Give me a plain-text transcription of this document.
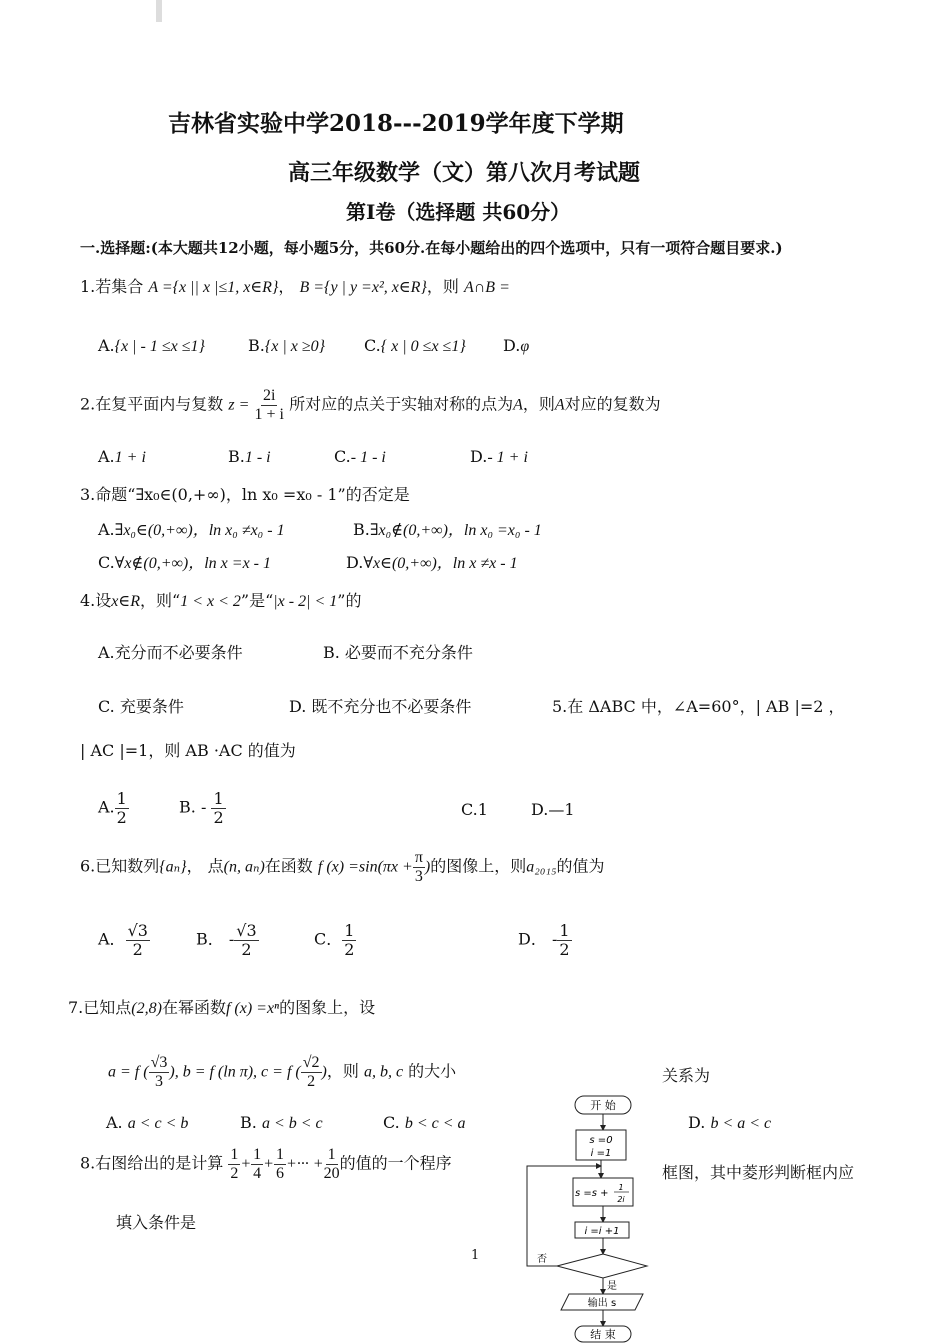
吉林省实验中学2018---2019学年度下学期
高三年级数学（文）第八次月考试题
第Ⅰ卷（选择题 共60分）
一.选择题:(本大题共12小题，每小题5分，共60分.在每小题给出的四个选项中，只有一项符合题目要求.)
1.若集合 A ={x || x |≤1, x∈R}， B ={y | y =x², x∈R}，则 A∩B =
A.{x | - 1 ≤x ≤1}	B.{x | x ≥0} C.{ x | 0 ≤x ≤1} D.φ
2.在复平面内与复数 $z = \frac{2i}{1 + i}$ 所对应的点关于实轴对称的点为A，则A对应的复数为
A.1 + i	B.1 - i	C.- 1 - i	D.- 1 + i
3.命题“∃x₀∈(0,+∞)，ln x₀ =x₀ - 1”的否定是
A.∃x₀∈(0,+∞)，ln x₀ ≠x₀ - 1	B.∃x₀∉(0,+∞)，ln x₀ =x₀ - 1
C.∀x∉(0,+∞)，ln x =x - 1	D.∀x∈(0,+∞)，ln x ≠x - 1
4.设x∈R，则“1 < x < 2”是“|x - 2| < 1”的
A.充分而不必要条件	B. 必要而不充分条件
C. 充要条件	D. 既不充分也不必要条件	5.在 ΔABC 中，∠A=60°，| AB |=2 ，
| AC |=1，则 AB ·AC 的值为
A. $\frac{1}{2}$	B. - $\frac{1}{2}$	C.1	D.—1
6.已知数列{aₙ}， 点(n, aₙ)在函数 f $(x) =\sin(\pi x + \frac{\pi}{3}$ )的图像上，则a₂₀₁₅的值为
A． $\frac{√3}{2}$	B． - $\frac{√3}{2}$	C． $\frac{1}{2}$	D． - $\frac{1}{2}$
7.已知点(2,8)在幂函数f (x) =xⁿ的图象上，设
a = f ( $\frac{√3}{3}$ ), b = f (ln π), c = f ( $\frac{√2}{2}$ )，则 a, b, c 的大小	关系为
A. a < c < b	B. a < b < c	C. b < c < a	D. b < a < c
8.右图给出的是计算 $\frac{1}{2} + \frac{1}{4} + \frac{1}{6}$ +··· + $\frac{1}{20}$ 的值的一个程序	框图，其中菱形判断框内应
填入条件是
开 始
s =0
i =1
s =s +
1
2i
i =i +1
否
是
输出 s
结 束
1
